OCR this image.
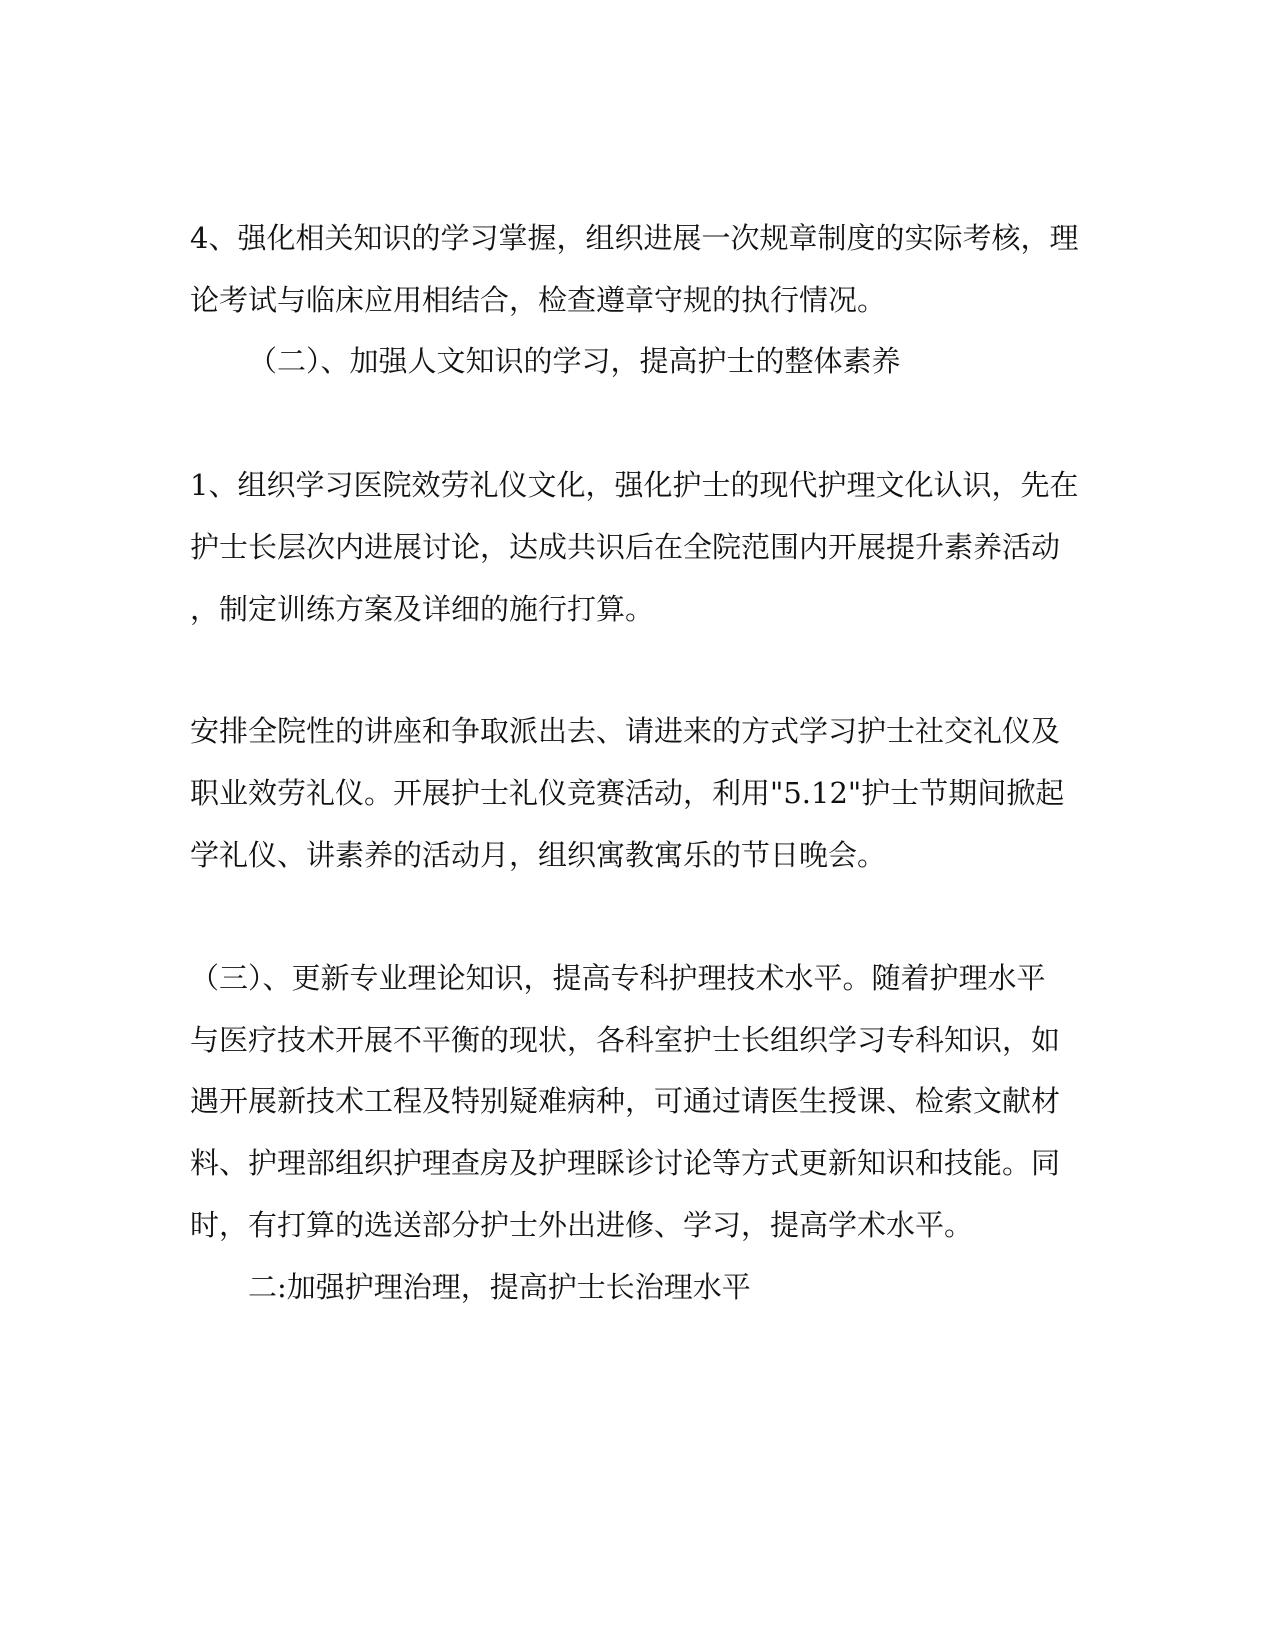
4、强化相关知识的学习掌握，组织进展一次规章制度的实际考核，理
论考试与临床应用相结合，检查遵章守规的执行情况。
（二）、加强人文知识的学习，提高护士的整体素养
1、组织学习医院效劳礼仪文化，强化护士的现代护理文化认识，先在
护士长层次内进展讨论，达成共识后在全院范围内开展提升素养活动
，制定训练方案及详细的施行打算。
安排全院性的讲座和争取派出去、请进来的方式学习护士社交礼仪及
职业效劳礼仪。开展护士礼仪竞赛活动，利用"5.12"护士节期间掀起
学礼仪、讲素养的活动月，组织寓教寓乐的节日晚会。
（三）、更新专业理论知识，提高专科护理技术水平。随着护理水平
与医疗技术开展不平衡的现状，各科室护士长组织学习专科知识，如
遇开展新技术工程及特别疑难病种，可通过请医生授课、检索文献材
料、护理部组织护理查房及护理睬诊讨论等方式更新知识和技能。同
时，有打算的选送部分护士外出进修、学习，提高学术水平。
二:加强护理治理，提高护士长治理水平
